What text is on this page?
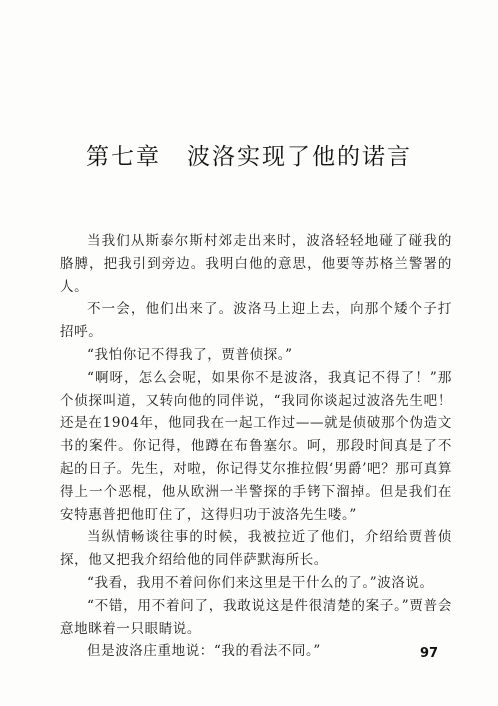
第七章 波洛实现了他的诺言

当我们从斯泰尔斯村郊走出来时，波洛轻轻地碰了碰我的胳膊，把我引到旁边。我明白他的意思，他要等苏格兰警署的人。

不一会，他们出来了。波洛马上迎上去，向那个矮个子打招呼。

“我怕你记不得我了，贾普侦探。”

“啊呀，怎么会呢，如果你不是波洛，我真记不得了！”那个侦探叫道，又转向他的同伴说，“我同你谈起过波洛先生吧！还是在1904年，他同我在一起工作过——就是侦破那个伪造文书的案件。你记得，他蹲在布鲁塞尔。呵，那段时间真是了不起的日子。先生，对啦，你记得艾尔推拉假‘男爵’吧？那可真算得上一个恶棍，他从欧洲一半警探的手铐下溜掉。但是我们在安特惠普把他盯住了，这得归功于波洛先生喽。”

当纵情畅谈往事的时候，我被拉近了他们，介绍给贾普侦探，他又把我介绍给他的同伴萨默海所长。

“我看，我用不着问你们来这里是干什么的了。”波洛说。

“不错，用不着问了，我敢说这是件很清楚的案子。”贾普会意地眯着一只眼睛说。

但是波洛庄重地说：“我的看法不同。”	97
